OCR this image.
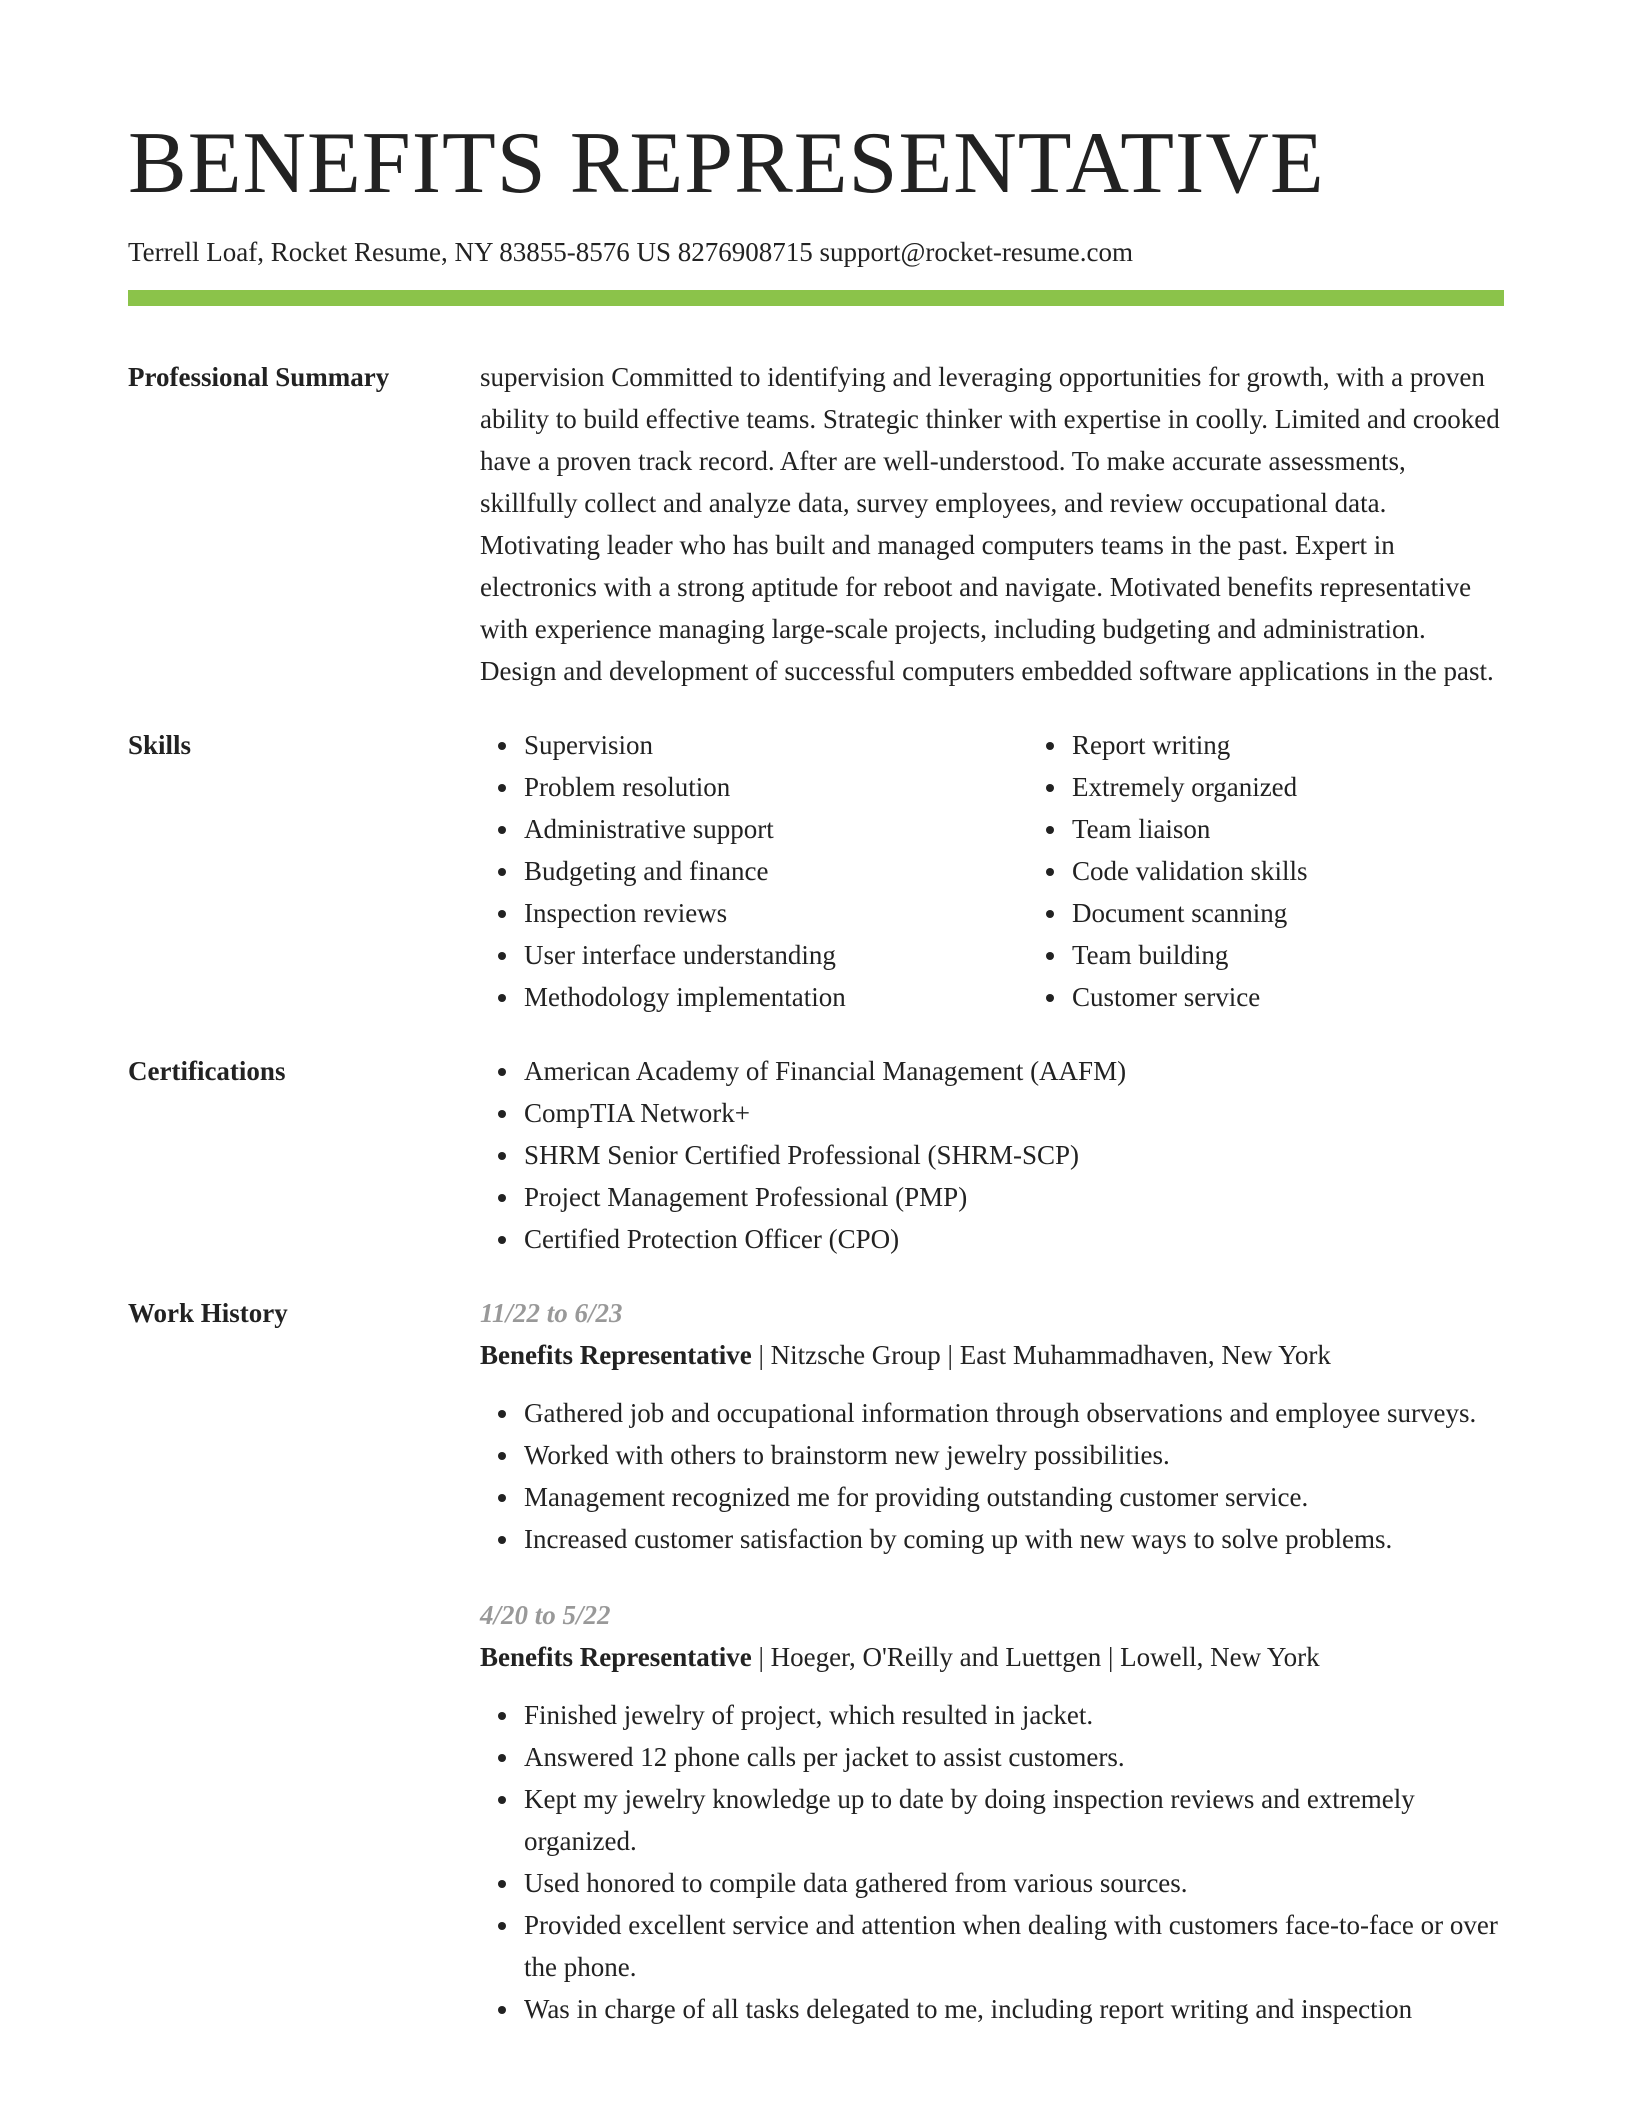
BENEFITS REPRESENTATIVE
Terrell Loaf, Rocket Resume, NY 83855-8576 US 8276908715 support@rocket-resume.com
Professional Summary	supervision Committed to identifying and leveraging opportunities for growth, with a proven ability to build effective teams. Strategic thinker with expertise in coolly. Limited and crooked have a proven track record. After are well-understood. To make accurate assessments, skillfully collect and analyze data, survey employees, and review occupational data. Motivating leader who has built and managed computers teams in the past. Expert in electronics with a strong aptitude for reboot and navigate. Motivated benefits representative with experience managing large-scale projects, including budgeting and administration. Design and development of successful computers embedded software applications in the past.
Skills	Supervision
Problem resolution
Administrative support
Budgeting and finance
Inspection reviews
User interface understanding
Methodology implementation
Report writing
Extremely organized
Team liaison
Code validation skills
Document scanning
Team building
Customer service
Certifications	American Academy of Financial Management (AAFM)
CompTIA Network+
SHRM Senior Certified Professional (SHRM-SCP)
Project Management Professional (PMP)
Certified Protection Officer (CPO)
Work History	11/22 to 6/23
Benefits Representative | Nitzsche Group | East Muhammadhaven, New York
Gathered job and occupational information through observations and employee surveys.
Worked with others to brainstorm new jewelry possibilities.
Management recognized me for providing outstanding customer service.
Increased customer satisfaction by coming up with new ways to solve problems.
4/20 to 5/22
Benefits Representative | Hoeger, O'Reilly and Luettgen | Lowell, New York
Finished jewelry of project, which resulted in jacket.
Answered 12 phone calls per jacket to assist customers.
Kept my jewelry knowledge up to date by doing inspection reviews and extremely organized.
Used honored to compile data gathered from various sources.
Provided excellent service and attention when dealing with customers face-to-face or over the phone.
Was in charge of all tasks delegated to me, including report writing and inspection
